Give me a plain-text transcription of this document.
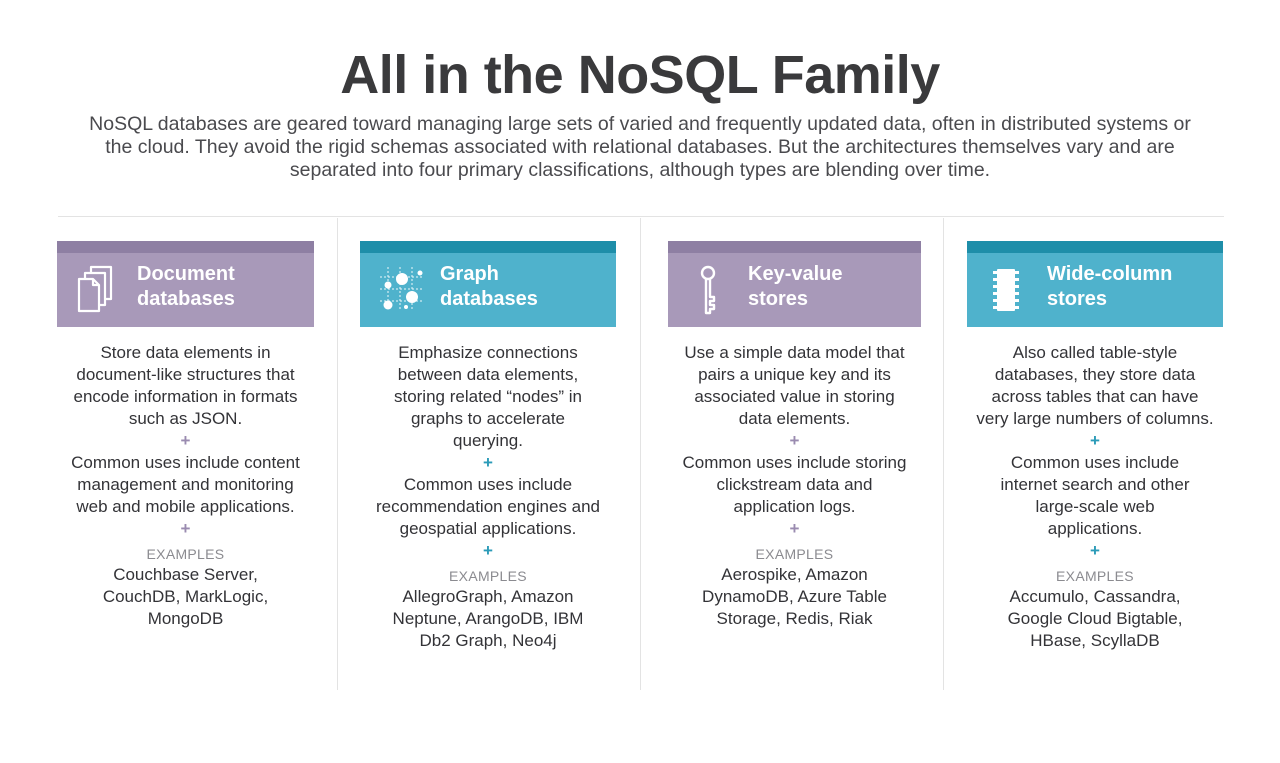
All in the NoSQL Family
NoSQL databases are geared toward managing large sets of varied and frequently updated data, often in distributed systems or the cloud. They avoid the rigid schemas associated with relational databases. But the architectures themselves vary and are separated into four primary classifications, although types are blending over time.
Document
databases

Store data elements in document-like structures that encode information in formats such as JSON.

+

Common uses include content management and monitoring web and mobile applications.

+
EXAMPLES

Couchbase Server, CouchDB, MarkLogic, MongoDB

Graph
databases

Emphasize connections between data elements, storing related “nodes” in graphs to accelerate querying.

+

Common uses include recommendation engines and geospatial applications.

+
EXAMPLES

AllegroGraph, Amazon Neptune, ArangoDB, IBM Db2 Graph, Neo4j

Key-value
stores

Use a simple data model that pairs a unique key and its associated value in storing data elements.

+

Common uses include storing clickstream data and application logs.

+
EXAMPLES

Aerospike, Amazon DynamoDB, Azure Table Storage, Redis, Riak

Wide-column
stores

Also called table-style databases, they store data across tables that can have very large numbers of columns.

+

Common uses include internet search and other large-scale web applications.

+
EXAMPLES

Accumulo, Cassandra, Google Cloud Bigtable, HBase, ScyllaDB
